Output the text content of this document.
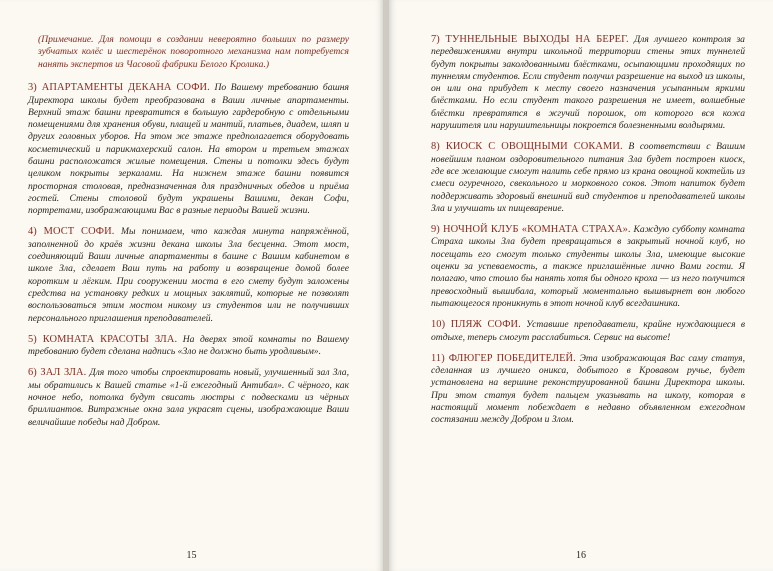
(Примечание. Для помощи в создании невероятно больших по размеру зубчатых колёс и шестерёнок поворотного механизма нам потребуется нанять экспертов из Часовой фабрики Белого Кролика.)

3) АПАРТАМЕНТЫ ДЕКАНА СОФИ. По Вашему требованию башня Директора школы будет преобразована в Ваши личные апартаменты. Верхний этаж башни превратится в большую гардеробную с отдельными помещениями для хранения обуви, плащей и мантий, платьев, диадем, шляп и других головных уборов. На этом же этаже предполагается оборудовать косметический и парикмахерский салон. На втором и третьем этажах башни расположатся жилые помещения. Стены и потолки здесь будут целиком покрыты зеркалами. На нижнем этаже башни появится просторная столовая, предназначенная для праздничных обедов и приёма гостей. Стены столовой будут украшены Вашими, декан Софи, портретами, изображающими Вас в разные периоды Вашей жизни.

4) МОСТ СОФИ. Мы понимаем, что каждая минута напряжённой, заполненной до краёв жизни декана школы Зла бесценна. Этот мост, соединяющий Ваши личные апартаменты в башне с Вашим кабинетом в школе Зла, сделает Ваш путь на работу и возвращение домой более коротким и лёгким. При сооружении моста в его смету будут заложены средства на установку редких и мощных заклятий, которые не позволят воспользоваться этим мостом никому из студентов или не получивших персонального приглашения преподавателей.

5) КОМНАТА КРАСОТЫ ЗЛА. На дверях этой комнаты по Вашему требованию будет сделана надпись «Зло не должно быть уродливым».

6) ЗАЛ ЗЛА. Для того чтобы спроектировать новый, улучшенный зал Зла, мы обратились к Вашей статье «1-й ежегодный Антибал». С чёрного, как ночное небо, потолка будут свисать люстры с подвесками из чёрных бриллиантов. Витражные окна зала украсят сцены, изображающие Ваши величайшие победы над Добром.

15

7) ТУННЕЛЬНЫЕ ВЫХОДЫ НА БЕРЕГ. Для лучшего контроля за передвижениями внутри школьной территории стены этих туннелей будут покрыты заколдованными блёстками, осыпающими проходящих по туннелям студентов. Если студент получил разрешение на выход из школы, он или она прибудет к месту своего назначения усыпанным яркими блёстками. Но если студент такого разрешения не имеет, волшебные блёстки превратятся в жгучий порошок, от которого вся кожа нарушителя или нарушительницы покроется болезненными волдырями.

8) КИОСК С ОВОЩНЫМИ СОКАМИ. В соответствии с Вашим новейшим планом оздоровительного питания Зла будет построен киоск, где все желающие смогут налить себе прямо из крана овощной коктейль из смеси огуречного, свекольного и морковного соков. Этот напиток будет поддерживать здоровый внешний вид студентов и преподавателей школы Зла и улучшать их пищеварение.

9) НОЧНОЙ КЛУБ «КОМНАТА СТРАХА». Каждую субботу комната Страха школы Зла будет превращаться в закрытый ночной клуб, но посещать его смогут только студенты школы Зла, имеющие высокие оценки за успеваемость, а также приглашённые лично Вами гости. Я полагаю, что стоило бы нанять хотя бы одного кроха — из него получится превосходный вышибала, который моментально вышвырнет вон любого пытающегося проникнуть в этот ночной клуб всегдашника.

10) ПЛЯЖ СОФИ. Уставшие преподаватели, крайне нуждающиеся в отдыхе, теперь смогут расслабиться. Сервис на высоте!

11) ФЛЮГЕР ПОБЕДИТЕЛЕЙ. Эта изображающая Вас самy статуя, сделанная из лучшего оникса, добытого в Кровавом ручье, будет установлена на вершине реконструированной башни Директора школы. При этом статуя будет пальцем указывать на школу, которая в настоящий момент побеждает в недавно объявленном ежегодном состязании между Добром и Злом.

16
